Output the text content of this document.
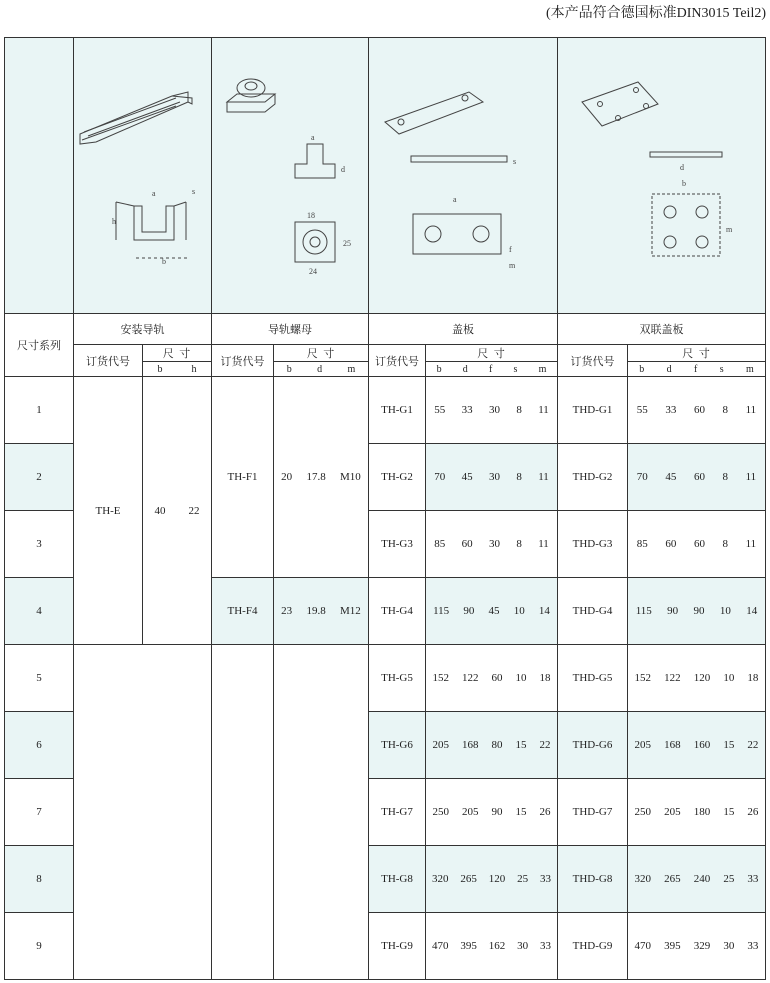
(本产品符合德国标准DIN3015 Teil2)

a
h
b
s		a
d
18
25
24		a
s
m
f		d
b
m	

尺寸系列	安装导轨		导轨螺母		盖板		双联盖板	
	订货代号	尺 寸	订货代号	尺 寸	订货代号	尺 寸	订货代号	尺 寸

		b h		b d m		b d f s m		b d f s m

1	TH-E	40 22	TH-F1	20 17.8 M10	TH-G1	55 33 30 8 11	THD-G1	55 33 60 8 11

2					TH-G2	70 45 30 8 11	THD-G2	70 45 60 8 11

3					TH-G3	85 60 30 8 11	THD-G3	85 60 60 8 11

4			TH-F4	23 19.8 M12	TH-G4	115 90 45 10 14	THD-G4	115 90 90 10 14

5					TH-G5	152 122 60 10 18	THD-G5	152 122 120 10 18

6					TH-G6	205 168 80 15 22	THD-G6	205 168 160 15 22

7					TH-G7	250 205 90 15 26	THD-G7	250 205 180 15 26

8					TH-G8	320 265 120 25 33	THD-G8	320 265 240 25 33

9					TH-G9	470 395 162 30 33	THD-G9	470 395 329 30 33
